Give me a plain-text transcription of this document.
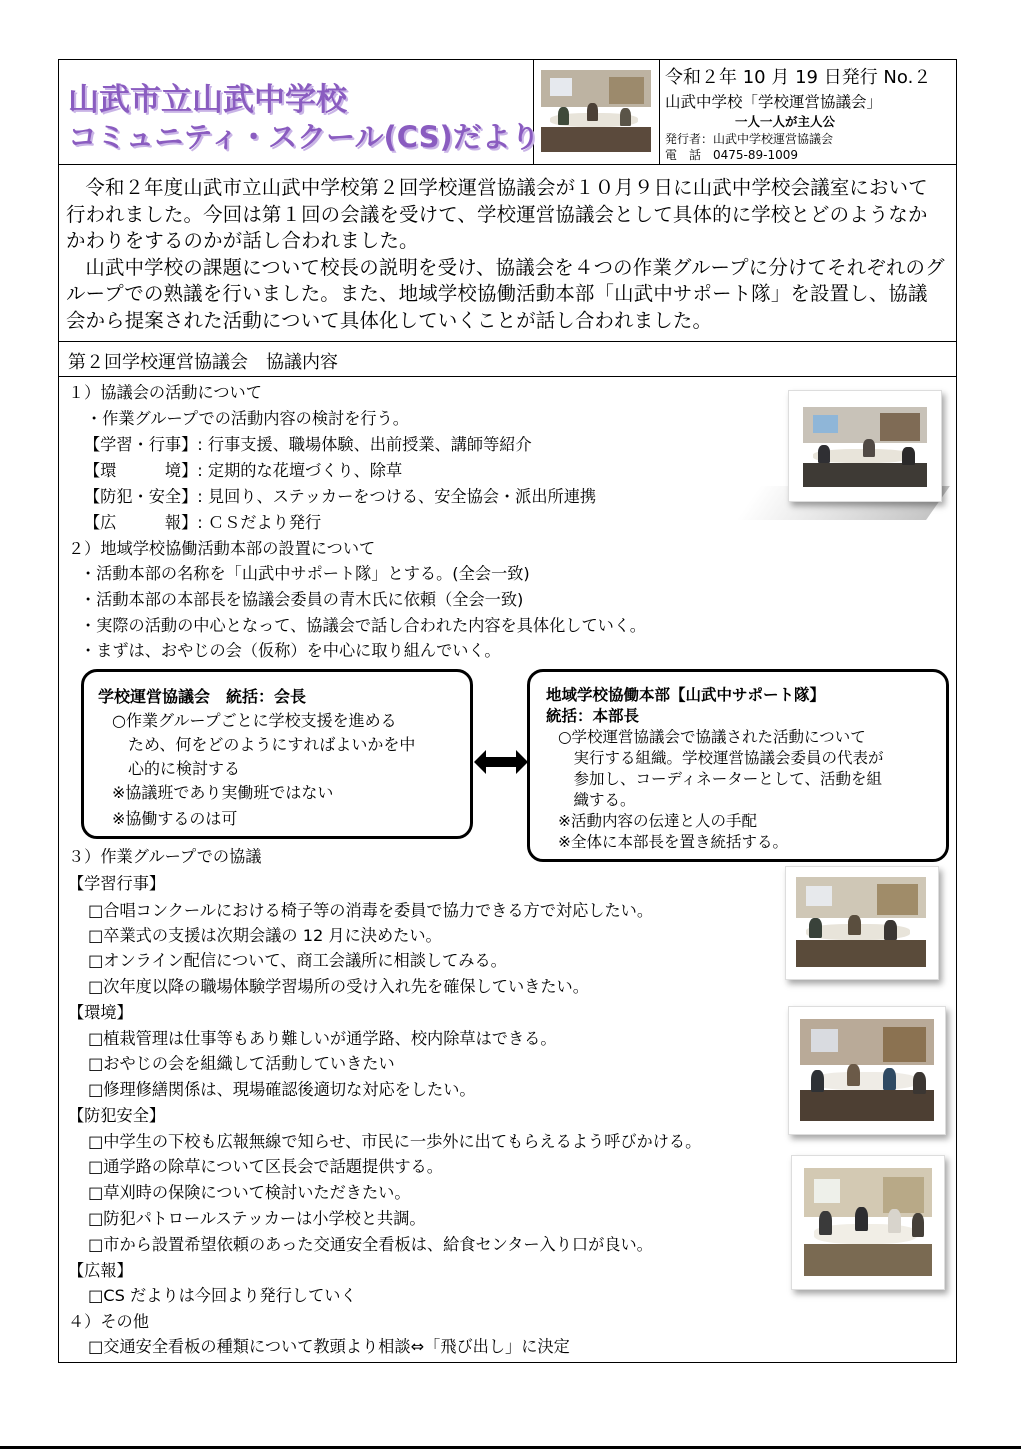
山武市立山武中学校
コミュニティ・スクール(CS)だより
令和２年 10 月 19 日発行 No.２
山武中学校「学校運営協議会」
一人一人が主人公
発行者：山武中学校運営協議会
電　話　0475-89-1009

令和２年度山武市立山武中学校第２回学校運営協議会が１０月９日に山武中学校会議室において行われました。今回は第１回の会議を受けて、学校運営協議会として具体的に学校とどのようなかかわりをするのかが話し合われました。

山武中学校の課題について校長の説明を受け、協議会を４つの作業グループに分けてそれぞれのグループでの熟議を行いました。また、地域学校協働活動本部「山武中サポート隊」を設置し、協議会から提案された活動について具体化していくことが話し合われました。

第２回学校運営協議会　協議内容
１）協議会の活動について
・作業グループでの活動内容の検討を行う。
【学習・行事】: 行事支援、職場体験、出前授業、講師等紹介
【環　　　境】: 定期的な花壇づくり、除草
【防犯・安全】: 見回り、ステッカーをつける、安全協会・派出所連携
【広　　　報】: ＣＳだより発行
２）地域学校協働活動本部の設置について
・活動本部の名称を「山武中サポート隊」とする。(全会一致)
・活動本部の本部長を協議会委員の青木氏に依頼（全会一致)
・実際の活動の中心となって、協議会で話し合われた内容を具体化していく。
・まずは、おやじの会（仮称）を中心に取り組んでいく。
学校運営協議会　統括：会長
○作業グループごとに学校支援を進める
　ため、何をどのようにすればよいかを中
　心的に検討する
※協議班であり実働班ではない
※協働するのは可
地域学校協働本部【山武中サポート隊】
統括：本部長
○学校運営協議会で協議された活動について
　実行する組織。学校運営協議会委員の代表が
　参加し、コーディネーターとして、活動を組
　織する。
※活動内容の伝達と人の手配
※全体に本部長を置き統括する。
３）作業グループでの協議
【学習行事】
□合唱コンクールにおける椅子等の消毒を委員で協力できる方で対応したい。
□卒業式の支援は次期会議の 12 月に決めたい。
□オンライン配信について、商工会議所に相談してみる。
□次年度以降の職場体験学習場所の受け入れ先を確保していきたい。
【環境】
□植栽管理は仕事等もあり難しいが通学路、校内除草はできる。
□おやじの会を組織して活動していきたい
□修理修繕関係は、現場確認後適切な対応をしたい。
【防犯安全】
□中学生の下校も広報無線で知らせ、市民に一歩外に出てもらえるよう呼びかける。
□通学路の除草について区長会で話題提供する。
□草刈時の保険について検討いただきたい。
□防犯パトロールステッカーは小学校と共調。
□市から設置希望依頼のあった交通安全看板は、給食センター入り口が良い。
【広報】
□CS だよりは今回より発行していく
４）その他
□交通安全看板の種類について教頭より相談⇔「飛び出し」に決定
